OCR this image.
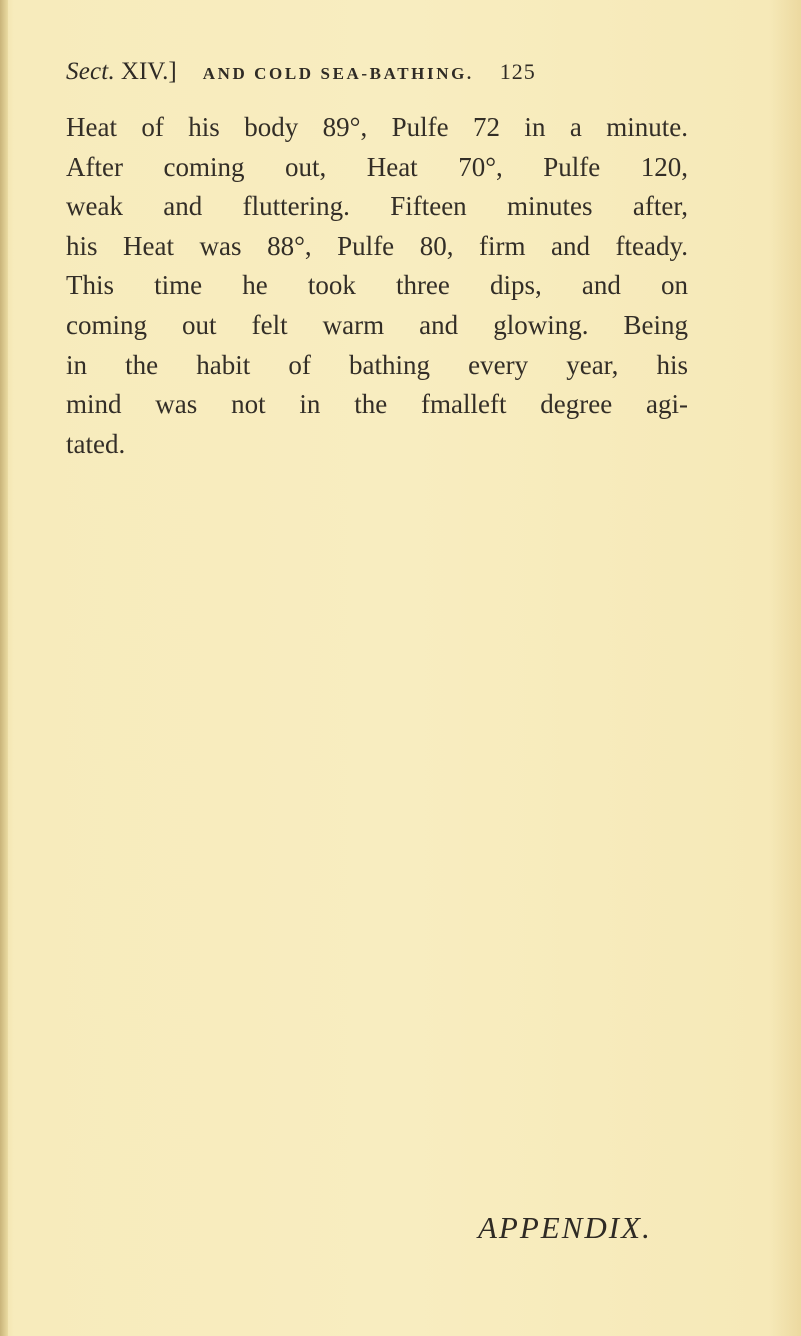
Sect. XIV.] AND COLD SEA-BATHING. 125

Heat of his body 89°, Pulfe 72 in a minute.
After coming out, Heat 70°, Pulfe 120,
weak and fluttering. Fifteen minutes after,
his Heat was 88°, Pulfe 80, firm and fteady.
This time he took three dips, and on
coming out felt warm and glowing. Being
in the habit of bathing every year, his
mind was not in the fmalleft degree agi-
tated.

APPENDIX.
